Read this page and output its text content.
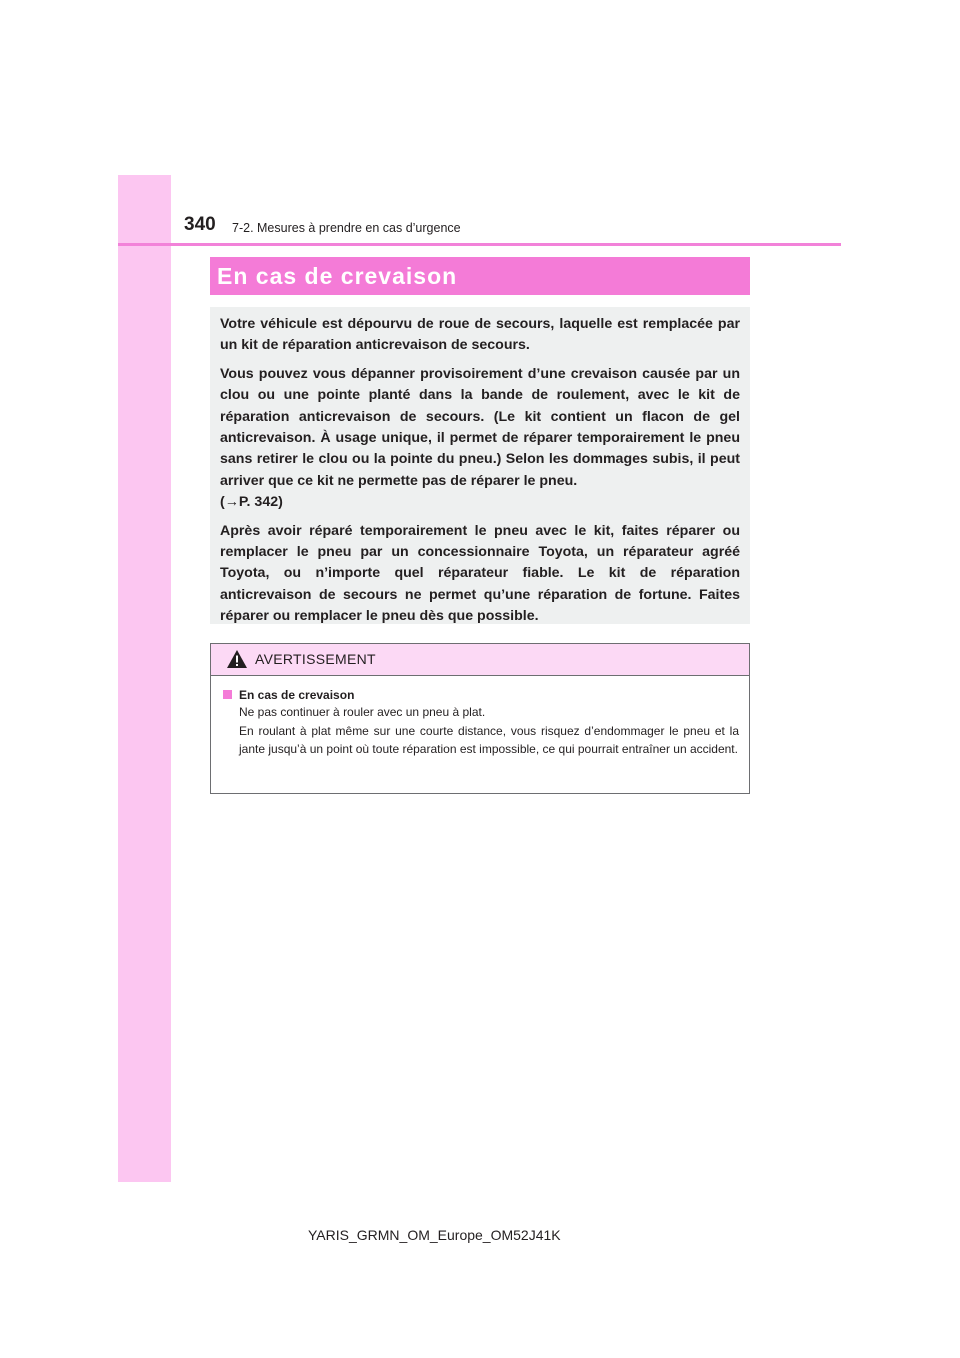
340 7-2. Mesures à prendre en cas d’urgence
En cas de crevaison

Votre véhicule est dépourvu de roue de secours, laquelle est remplacée par un kit de réparation anticrevaison de secours.

Vous pouvez vous dépanner provisoirement d’une crevaison causée par un clou ou une pointe planté dans la bande de roulement, avec le kit de réparation anticrevaison de secours. (Le kit contient un flacon de gel anticrevaison. À usage unique, il permet de réparer temporairement le pneu sans retirer le clou ou la pointe du pneu.) Selon les dommages subis, il peut arriver que ce kit ne permette pas de réparer le pneu.
(→P. 342)

Après avoir réparé temporairement le pneu avec le kit, faites réparer ou remplacer le pneu par un concessionnaire Toyota, un réparateur agréé Toyota, ou n’importe quel réparateur fiable. Le kit de réparation anticrevaison de secours ne permet qu’une réparation de fortune. Faites réparer ou remplacer le pneu dès que possible.

AVERTISSEMENT
En cas de crevaison

Ne pas continuer à rouler avec un pneu à plat.

En roulant à plat même sur une courte distance, vous risquez d’endommager le pneu et la jante jusqu’à un point où toute réparation est impossible, ce qui pourrait entraîner un accident.

YARIS_GRMN_OM_Europe_OM52J41K
